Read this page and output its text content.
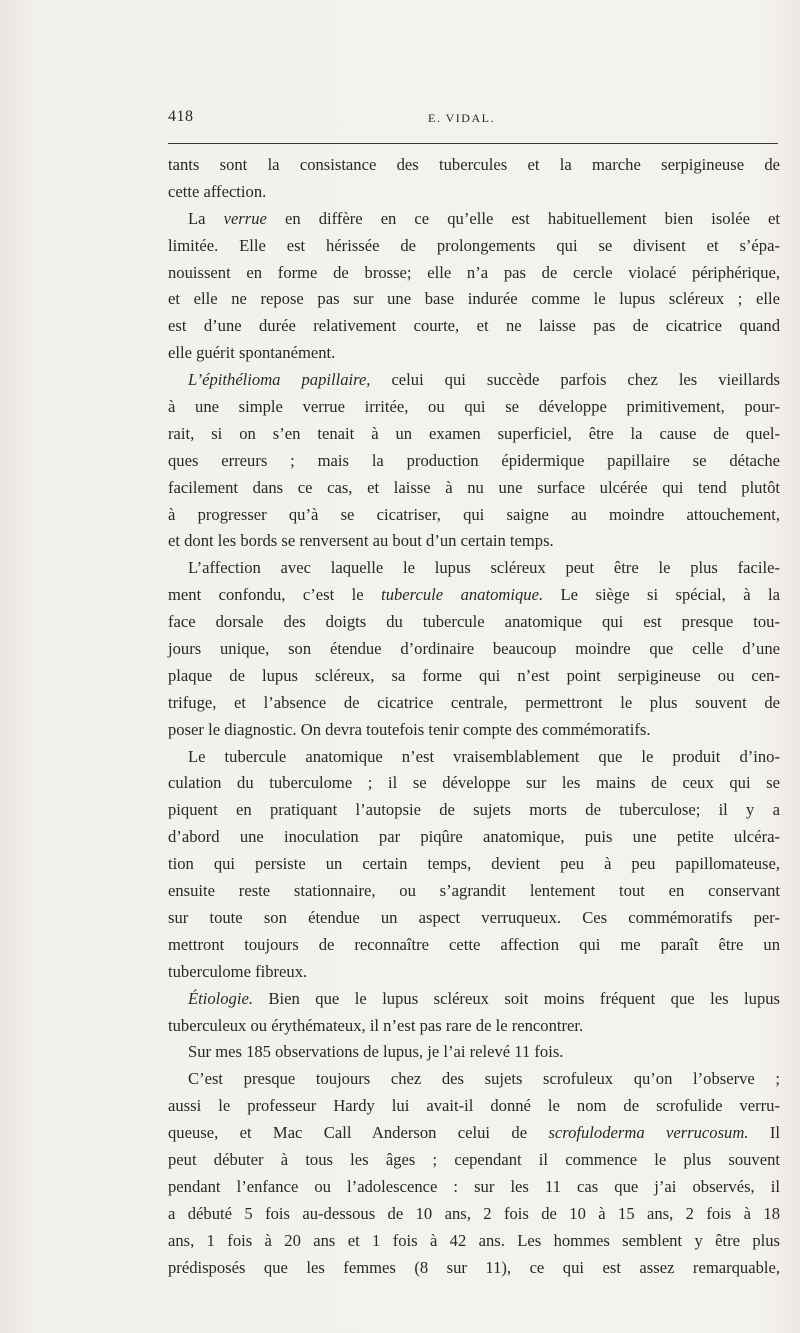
418	E. VIDAL.
tants sont la consistance des tubercules et la marche serpigineuse de
cette affection.
La verrue en diffère en ce qu’elle est habituellement bien isolée et
limitée. Elle est hérissée de prolongements qui se divisent et s’épa-
nouissent en forme de brosse; elle n’a pas de cercle violacé périphérique,
et elle ne repose pas sur une base indurée comme le lupus scléreux ; elle
est d’une durée relativement courte, et ne laisse pas de cicatrice quand
elle guérit spontanément.
L’épithélioma papillaire, celui qui succède parfois chez les vieillards
à une simple verrue irritée, ou qui se développe primitivement, pour-
rait, si on s’en tenait à un examen superficiel, être la cause de quel-
ques erreurs ; mais la production épidermique papillaire se détache
facilement dans ce cas, et laisse à nu une surface ulcérée qui tend plutôt
à progresser qu’à se cicatriser, qui saigne au moindre attouchement,
et dont les bords se renversent au bout d’un certain temps.
L’affection avec laquelle le lupus scléreux peut être le plus facile-
ment confondu, c’est le tubercule anatomique. Le siège si spécial, à la
face dorsale des doigts du tubercule anatomique qui est presque tou-
jours unique, son étendue d’ordinaire beaucoup moindre que celle d’une
plaque de lupus scléreux, sa forme qui n’est point serpigineuse ou cen-
trifuge, et l’absence de cicatrice centrale, permettront le plus souvent de
poser le diagnostic. On devra toutefois tenir compte des commémoratifs.
Le tubercule anatomique n’est vraisemblablement que le produit d’ino-
culation du tuberculome ; il se développe sur les mains de ceux qui se
piquent en pratiquant l’autopsie de sujets morts de tuberculose; il y a
d’abord une inoculation par piqûre anatomique, puis une petite ulcéra-
tion qui persiste un certain temps, devient peu à peu papillomateuse,
ensuite reste stationnaire, ou s’agrandit lentement tout en conservant
sur toute son étendue un aspect verruqueux. Ces commémoratifs per-
mettront toujours de reconnaître cette affection qui me paraît être un
tuberculome fibreux.
Étiologie. Bien que le lupus scléreux soit moins fréquent que les lupus
tuberculeux ou érythémateux, il n’est pas rare de le rencontrer.
Sur mes 185 observations de lupus, je l’ai relevé 11 fois.
C’est presque toujours chez des sujets scrofuleux qu’on l’observe ;
aussi le professeur Hardy lui avait-il donné le nom de scrofulide verru-
queuse, et Mac Call Anderson celui de scrofuloderma verrucosum. Il
peut débuter à tous les âges ; cependant il commence le plus souvent
pendant l’enfance ou l’adolescence : sur les 11 cas que j’ai observés, il
a débuté 5 fois au-dessous de 10 ans, 2 fois de 10 à 15 ans, 2 fois à 18
ans, 1 fois à 20 ans et 1 fois à 42 ans. Les hommes semblent y être plus
prédisposés que les femmes (8 sur 11), ce qui est assez remarquable,
